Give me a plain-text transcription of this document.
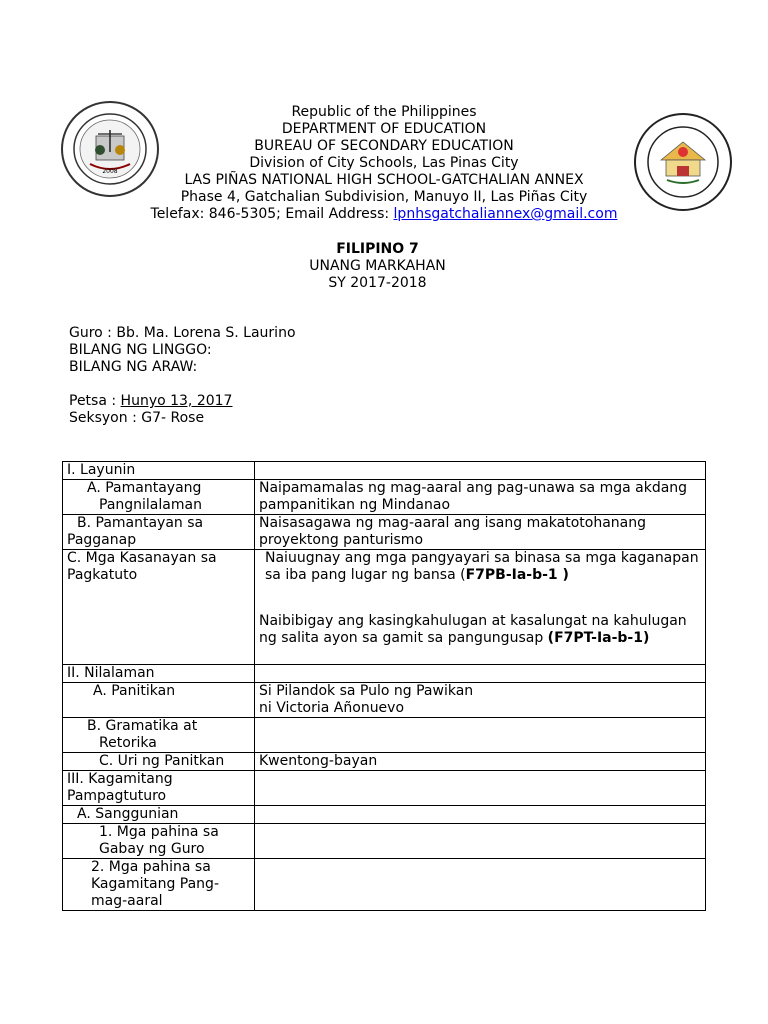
2008
Republic of the Philippines
DEPARTMENT OF EDUCATION
BUREAU OF SECONDARY EDUCATION
Division of City Schools, Las Pinas City
LAS PIÑAS NATIONAL HIGH SCHOOL-GATCHALIAN ANNEX
Phase 4, Gatchalian Subdivision, Manuyo II, Las Piñas City
Telefax: 846-5305; Email Address: lpnhsgatchaliannex@gmail.com
FILIPINO 7
UNANG MARKAHAN
SY 2017-2018
Guro : Bb. Ma. Lorena S. Laurino
BILANG NG LINGGO:
BILANG NG ARAW:
Petsa : Hunyo 13, 2017
Seksyon : G7- Rose
I. Layunin	

A. Pamantayang
Pangnilalaman	Naipamamalas ng mag-aaral ang pag-unawa sa mga akdang pampanitikan ng Mindanao
B. Pamantayan sa Pagganap	Naisasagawa ng mag-aaral ang isang makatotohanang proyektong panturismo
C. Mga Kasanayan sa Pagkatuto	Naiuugnay ang mga pangyayari sa binasa sa mga kaganapan sa iba pang lugar ng bansa (F7PB-Ia-b-1 )
Naibibigay ang kasingkahulugan at kasalungat na kahulugan ng salita ayon sa gamit sa pangungusap (F7PT-Ia-b-1)

II. Nilalaman	
A. Panitikan	Si Pilandok sa Pulo ng Pawikan
ni Victoria Añonuevo

B. Gramatika at
Retorika	

C. Uri ng Panitkan	Kwentong-bayan

III. Kagamitang Pampagtuturo	

A. Sanggunian	
1. Mga pahina sa Gabay ng Guro	
2. Mga pahina sa Kagamitang Pang-mag-aaral	
